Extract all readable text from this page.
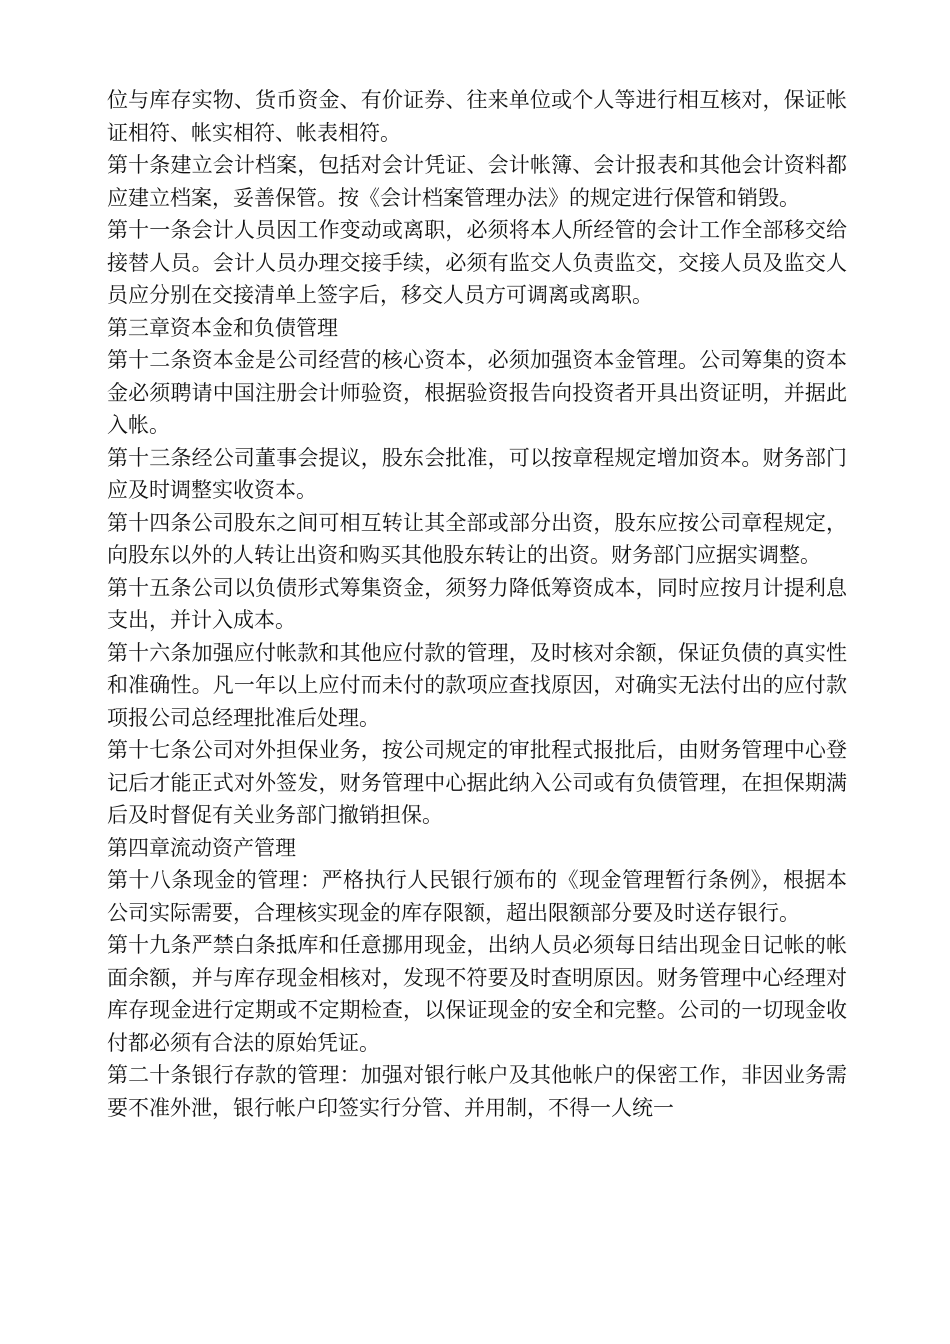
位与库存实物、货币资金、有价证券、往来单位或个人等进行相互核对，保证帐证相符、帐实相符、帐表相符。

第十条建立会计档案，包括对会计凭证、会计帐簿、会计报表和其他会计资料都应建立档案，妥善保管。按《会计档案管理办法》的规定进行保管和销毁。

第十一条会计人员因工作变动或离职，必须将本人所经管的会计工作全部移交给接替人员。会计人员办理交接手续，必须有监交人负责监交，交接人员及监交人员应分别在交接清单上签字后，移交人员方可调离或离职。

第三章资本金和负债管理

第十二条资本金是公司经营的核心资本，必须加强资本金管理。公司筹集的资本金必须聘请中国注册会计师验资，根据验资报告向投资者开具出资证明，并据此入帐。

第十三条经公司董事会提议，股东会批准，可以按章程规定增加资本。财务部门应及时调整实收资本。

第十四条公司股东之间可相互转让其全部或部分出资，股东应按公司章程规定，向股东以外的人转让出资和购买其他股东转让的出资。财务部门应据实调整。

第十五条公司以负债形式筹集资金，须努力降低筹资成本，同时应按月计提利息支出，并计入成本。

第十六条加强应付帐款和其他应付款的管理，及时核对余额，保证负债的真实性和准确性。凡一年以上应付而未付的款项应查找原因，对确实无法付出的应付款项报公司总经理批准后处理。

第十七条公司对外担保业务，按公司规定的审批程式报批后，由财务管理中心登记后才能正式对外签发，财务管理中心据此纳入公司或有负债管理，在担保期满后及时督促有关业务部门撤销担保。

第四章流动资产管理

第十八条现金的管理：严格执行人民银行颁布的《现金管理暂行条例》，根据本公司实际需要，合理核实现金的库存限额，超出限额部分要及时送存银行。

第十九条严禁白条抵库和任意挪用现金，出纳人员必须每日结出现金日记帐的帐面余额，并与库存现金相核对，发现不符要及时查明原因。财务管理中心经理对库存现金进行定期或不定期检查，以保证现金的安全和完整。公司的一切现金收付都必须有合法的原始凭证。

第二十条银行存款的管理：加强对银行帐户及其他帐户的保密工作，非因业务需要不准外泄，银行帐户印签实行分管、并用制，不得一人统一
